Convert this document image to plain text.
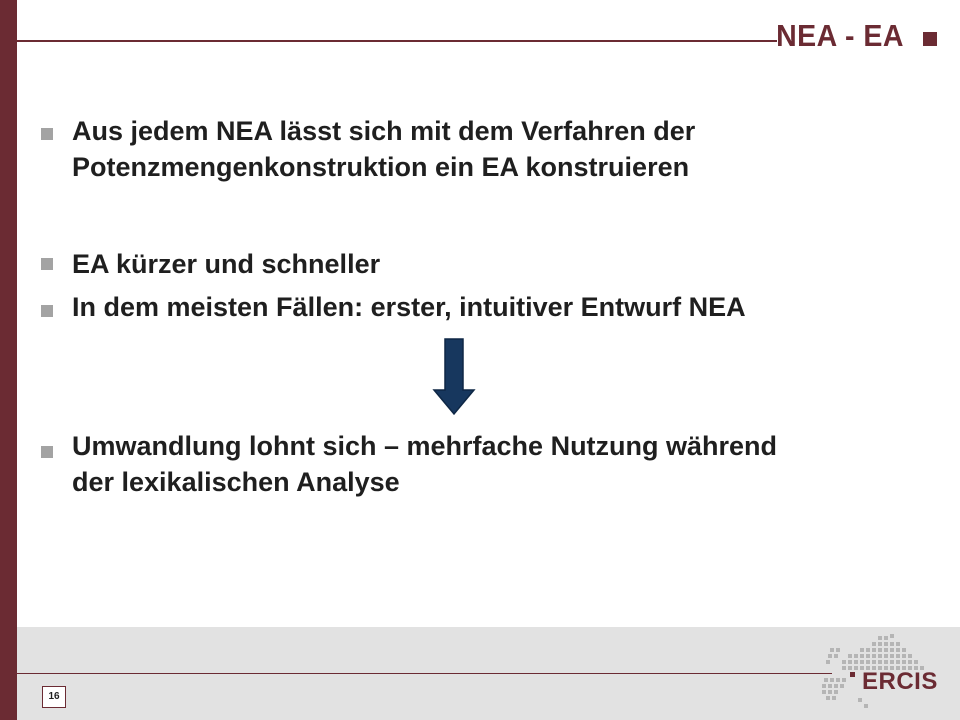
NEA - EA
Aus jedem NEA lässt sich mit dem Verfahren der
Potenzmengenkonstruktion ein EA konstruieren
EA kürzer und schneller
In dem meisten Fällen: erster, intuitiver Entwurf NEA
Umwandlung lohnt sich – mehrfache Nutzung während
der lexikalischen Analyse
16
ERCIS
